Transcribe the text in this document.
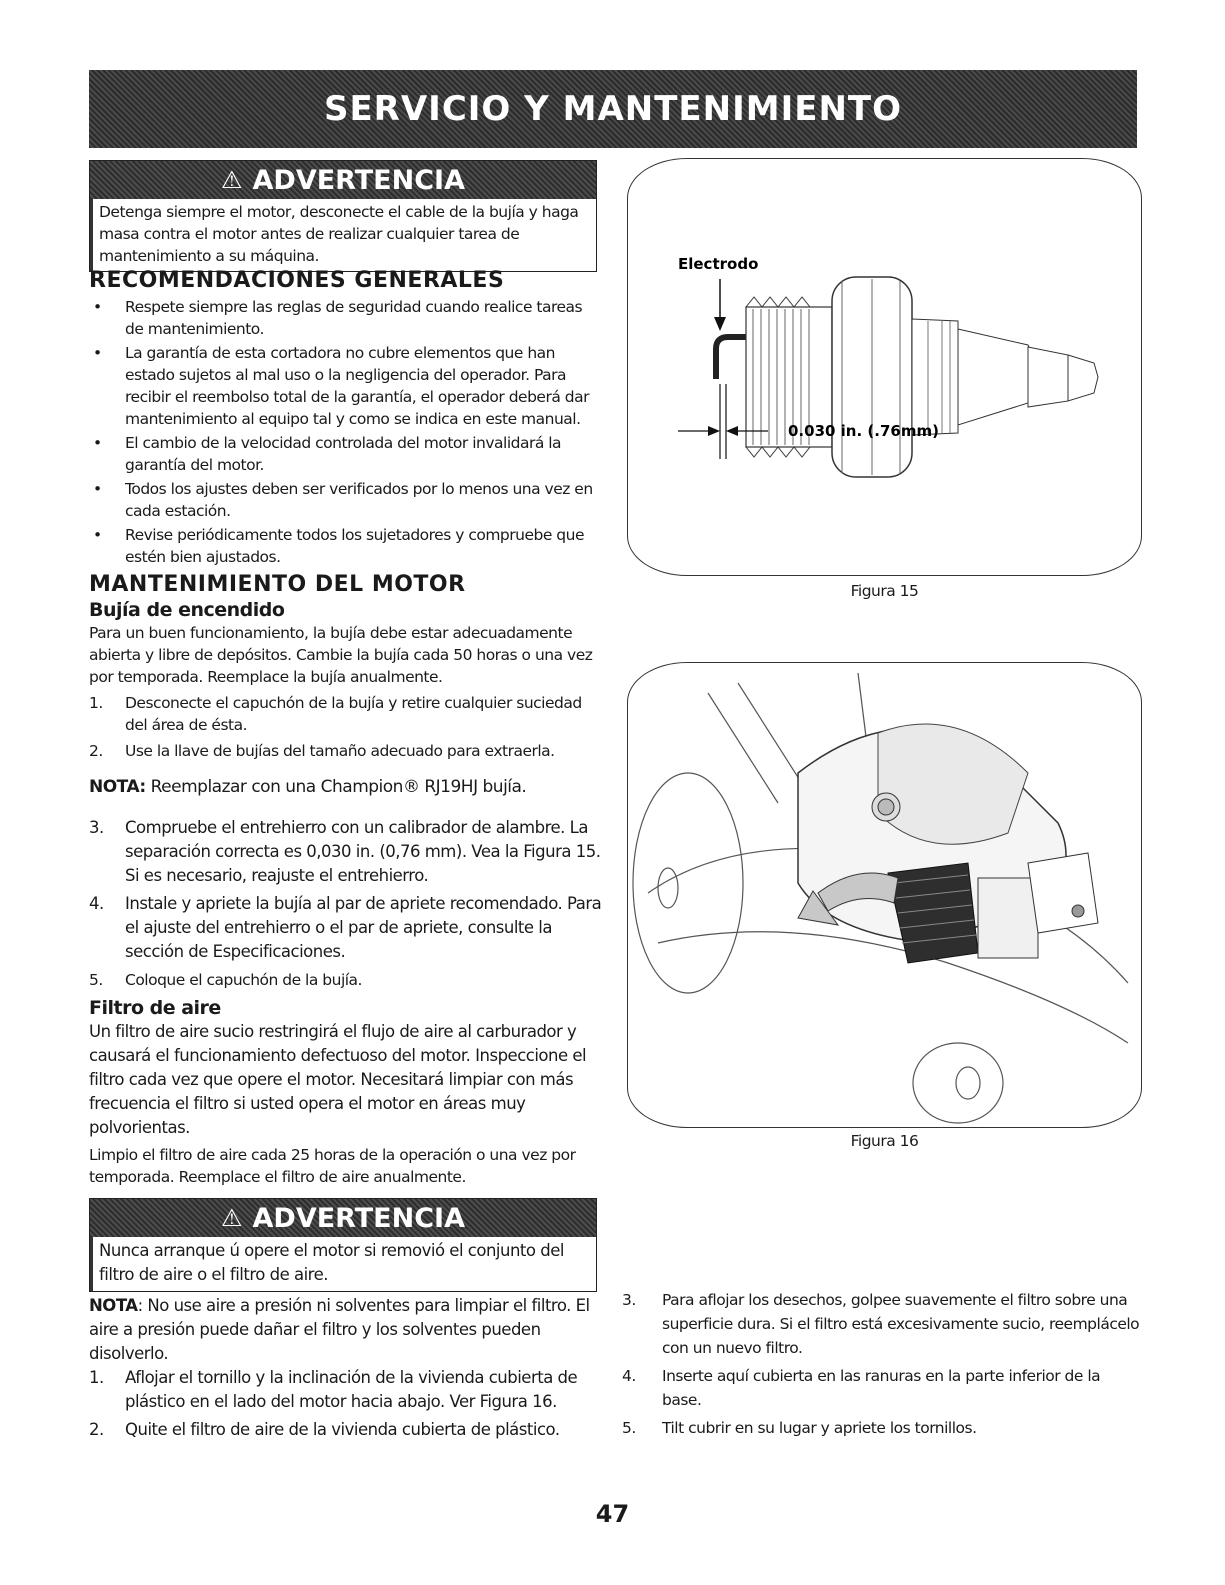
SERVICIO Y MANTENIMIENTO
⚠ ADVERTENCIA
Detenga siempre el motor, desconecte el cable de la bujía y haga masa contra el motor antes de realizar cualquier tarea de mantenimiento a su máquina.
RECOMENDACIONES GENERALES
• Respete siempre las reglas de seguridad cuando realice tareas de mantenimiento.
• La garantía de esta cortadora no cubre elementos que han estado sujetos al mal uso o la negligencia del operador. Para recibir el reembolso total de la garantía, el operador deberá dar mantenimiento al equipo tal y como se indica en este manual.
• El cambio de la velocidad controlada del motor invalidará la garantía del motor.
• Todos los ajustes deben ser verificados por lo menos una vez en cada estación.
• Revise periódicamente todos los sujetadores y compruebe que estén bien ajustados.
MANTENIMIENTO DEL MOTOR
Bujía de encendido

Para un buen funcionamiento, la bujía debe estar adecuadamente abierta y libre de depósitos. Cambie la bujía cada 50 horas o una vez por temporada. Reemplace la bujía anualmente.

1. Desconecte el capuchón de la bujía y retire cualquier suciedad del área de ésta.
2. Use la llave de bujías del tamaño adecuado para extraerla.

NOTA: Reemplazar con una Champion® RJ19HJ bujía.

3. Compruebe el entrehierro con un calibrador de alambre. La separación correcta es 0,030 in. (0,76 mm). Vea la Figura 15. Si es necesario, reajuste el entrehierro.
4. Instale y apriete la bujía al par de apriete recomendado. Para el ajuste del entrehierro o el par de apriete, consulte la sección de Especificaciones.
5. Coloque el capuchón de la bujía.
Filtro de aire

Un filtro de aire sucio restringirá el flujo de aire al carburador y causará el funcionamiento defectuoso del motor. Inspeccione el filtro cada vez que opere el motor. Necesitará limpiar con más frecuencia el filtro si usted opera el motor en áreas muy polvorientas.

Limpio el filtro de aire cada 25 horas de la operación o una vez por temporada. Reemplace el filtro de aire anualmente.

⚠ ADVERTENCIA
Nunca arranque ú opere el motor si removió el conjunto del filtro de aire o el filtro de aire.

NOTA: No use aire a presión ni solventes para limpiar el filtro. El aire a presión puede dañar el filtro y los solventes pueden disolverlo.

1. Aflojar el tornillo y la inclinación de la vivienda cubierta de plástico en el lado del motor hacia abajo. Ver Figura 16.
2. Quite el filtro de aire de la vivienda cubierta de plástico.
Electrodo
0.030 in. (.76mm)
Figura 15
Figura 16
3. Para aflojar los desechos, golpee suavemente el filtro sobre una superficie dura. Si el filtro está excesivamente sucio, reemplácelo con un nuevo filtro.
4. Inserte aquí cubierta en las ranuras en la parte inferior de la base.
5. Tilt cubrir en su lugar y apriete los tornillos.
47
